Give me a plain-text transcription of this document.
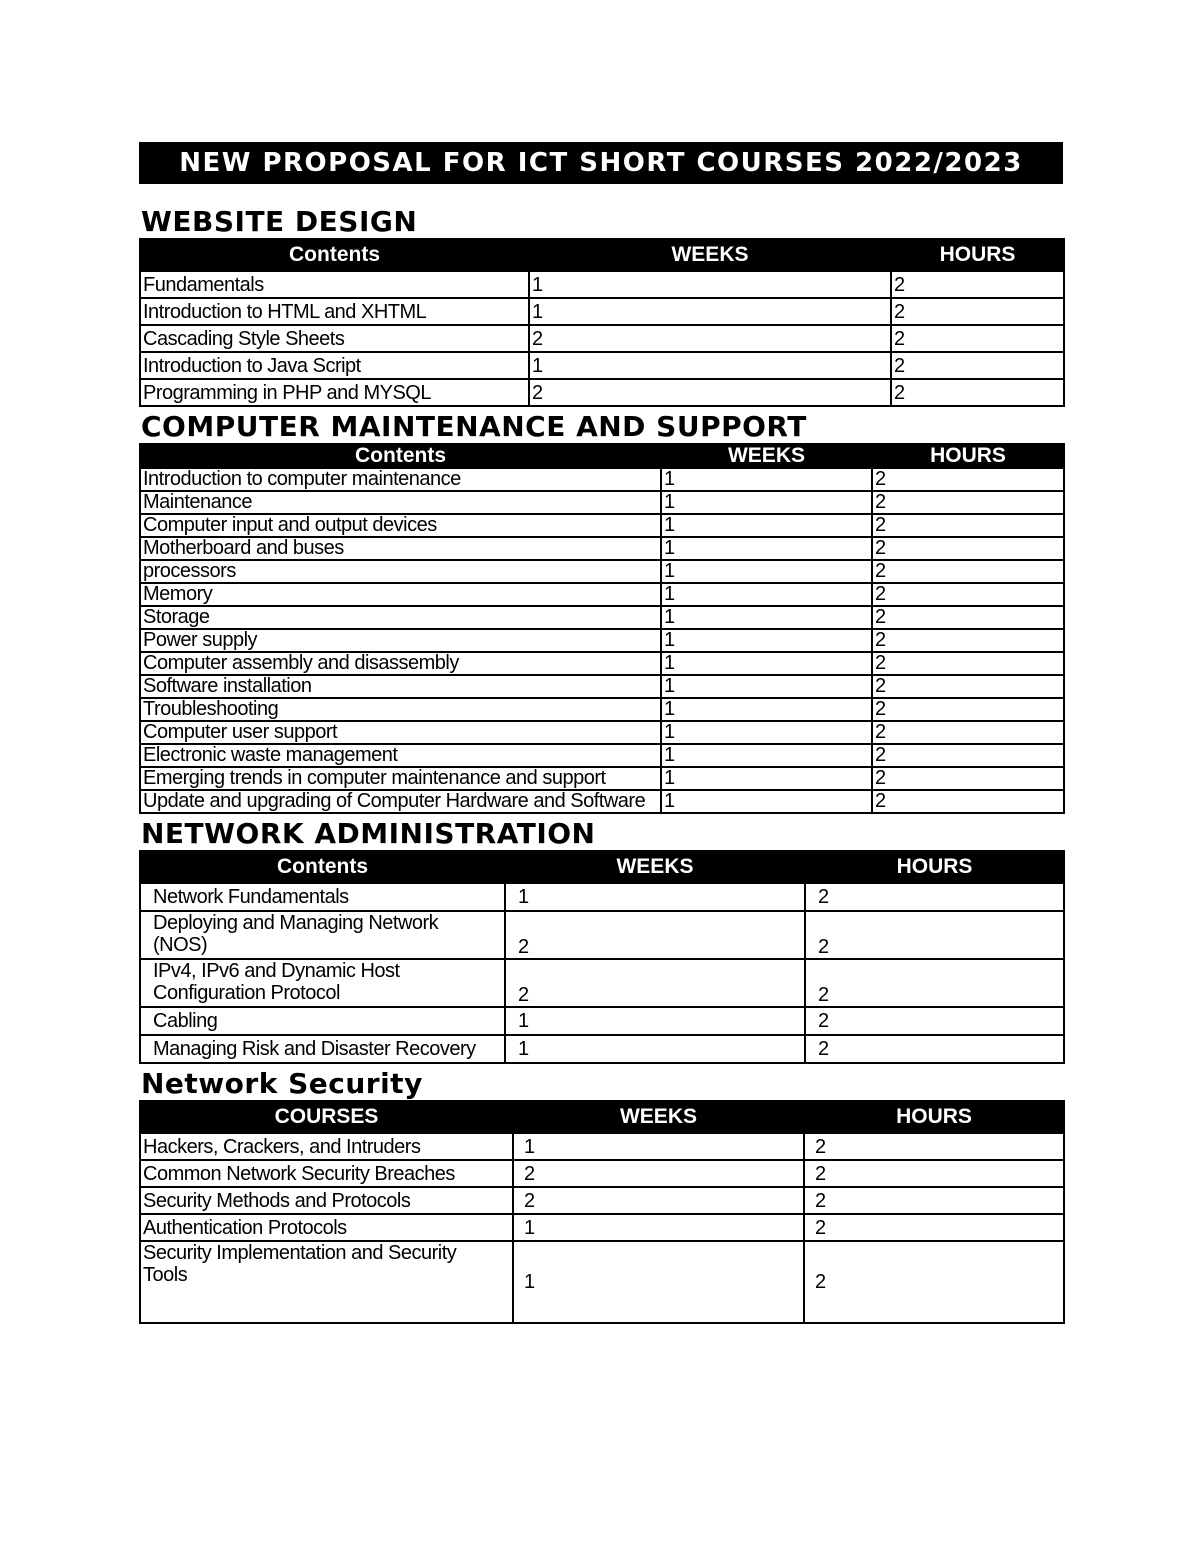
NEW PROPOSAL FOR ICT SHORT COURSES 2022/2023
WEBSITE DESIGN
Contents	WEEKS	HOURS
Fundamentals	1	2
Introduction to HTML and XHTML	1	2
Cascading Style Sheets	2	2
Introduction to Java Script	1	2
Programming in PHP and MYSQL	2	2
COMPUTER MAINTENANCE AND SUPPORT
Contents	WEEKS	HOURS
Introduction to computer maintenance	1	2
Maintenance	1	2
Computer input and output devices	1	2
Motherboard and buses	1	2
processors	1	2
Memory	1	2
Storage	1	2
Power supply	1	2
Computer assembly and disassembly	1	2
Software installation	1	2
Troubleshooting	1	2
Computer user support	1	2
Electronic waste management	1	2
Emerging trends in computer maintenance and support	1	2
Update and upgrading of Computer Hardware and Software	1	2
NETWORK ADMINISTRATION
Contents	WEEKS	HOURS
Network Fundamentals	1	2
Deploying and Managing Network
(NOS)	2	2
IPv4, IPv6 and Dynamic Host
Configuration Protocol	2	2
Cabling	1	2
Managing Risk and Disaster Recovery	1	2
Network Security
COURSES	WEEKS	HOURS
Hackers, Crackers, and Intruders	1	2
Common Network Security Breaches	2	2
Security Methods and Protocols	2	2
Authentication Protocols	1	2
Security Implementation and Security
Tools	1	2
